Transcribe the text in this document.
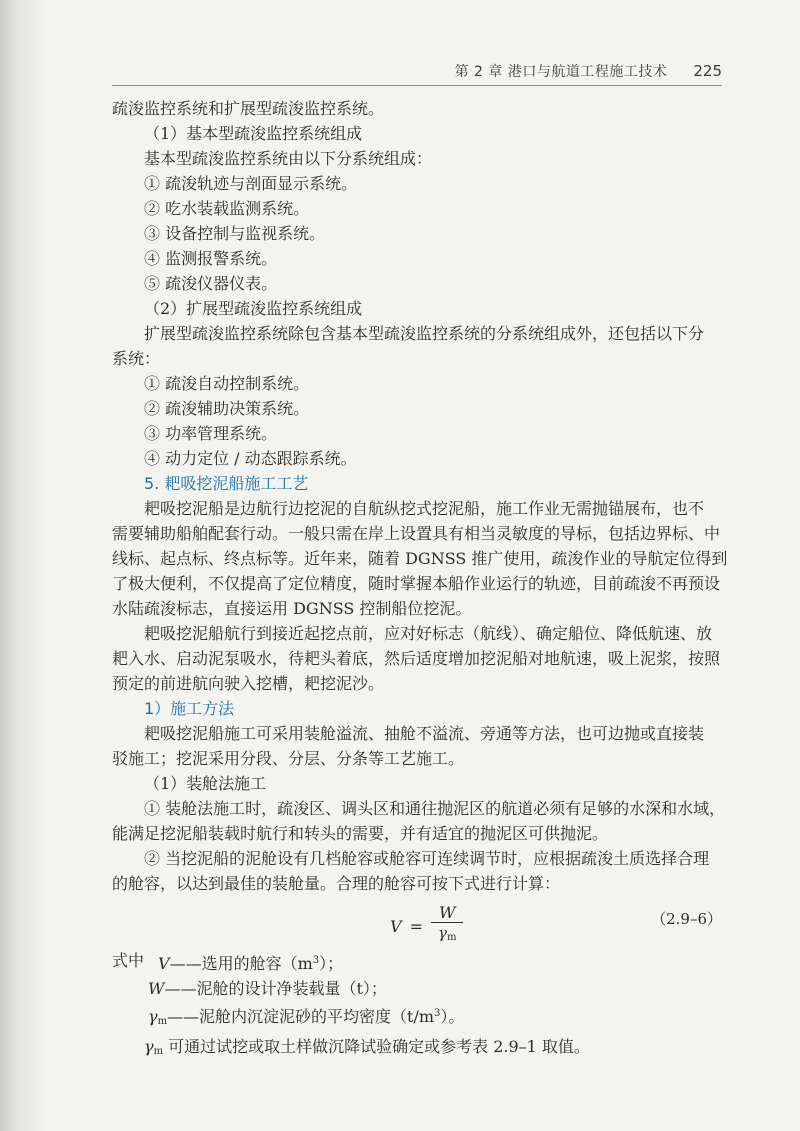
第 2 章 港口与航道工程施工技术 225

疏浚监控系统和扩展型疏浚监控系统。

（1）基本型疏浚监控系统组成

基本型疏浚监控系统由以下分系统组成：

① 疏浚轨迹与剖面显示系统。

② 吃水装载监测系统。

③ 设备控制与监视系统。

④ 监测报警系统。

⑤ 疏浚仪器仪表。

（2）扩展型疏浚监控系统组成

扩展型疏浚监控系统除包含基本型疏浚监控系统的分系统组成外，还包括以下分

系统：

① 疏浚自动控制系统。

② 疏浚辅助决策系统。

③ 功率管理系统。

④ 动力定位 / 动态跟踪系统。

5. 耙吸挖泥船施工工艺

耙吸挖泥船是边航行边挖泥的自航纵挖式挖泥船，施工作业无需抛锚展布，也不

需要辅助船舶配套行动。一般只需在岸上设置具有相当灵敏度的导标，包括边界标、中

线标、起点标、终点标等。近年来，随着 DGNSS 推广使用，疏浚作业的导航定位得到

了极大便利，不仅提高了定位精度，随时掌握本船作业运行的轨迹，目前疏浚不再预设

水陆疏浚标志，直接运用 DGNSS 控制船位挖泥。

耙吸挖泥船航行到接近起挖点前，应对好标志（航线）、确定船位、降低航速、放

耙入水、启动泥泵吸水，待耙头着底，然后适度增加挖泥船对地航速，吸上泥浆，按照

预定的前进航向驶入挖槽，耙挖泥沙。

1）施工方法

耙吸挖泥船施工可采用装舱溢流、抽舱不溢流、旁通等方法，也可边抛或直接装

驳施工；挖泥采用分段、分层、分条等工艺施工。

（1）装舱法施工

① 装舱法施工时，疏浚区、调头区和通往抛泥区的航道必须有足够的水深和水域，

能满足挖泥船装载时航行和转头的需要，并有适宜的抛泥区可供抛泥。

② 当挖泥船的泥舱设有几档舱容或舱容可连续调节时，应根据疏浚土质选择合理

的舱容，以达到最佳的装舱量。合理的舱容可按下式进行计算：

$V = \frac{W}{\gamma_m}$	（2.9–6）
式中 V——选用的舱容$(m^3)$；
W——泥舱的设计净装载量（t）；
$\gamma_m——$泥舱内沉淀泥砂的平均密度$(t/m^3)$。

$\gamma_m$ 可通过试挖或取土样做沉降试验确定或参考表 2.9–1 取值。
